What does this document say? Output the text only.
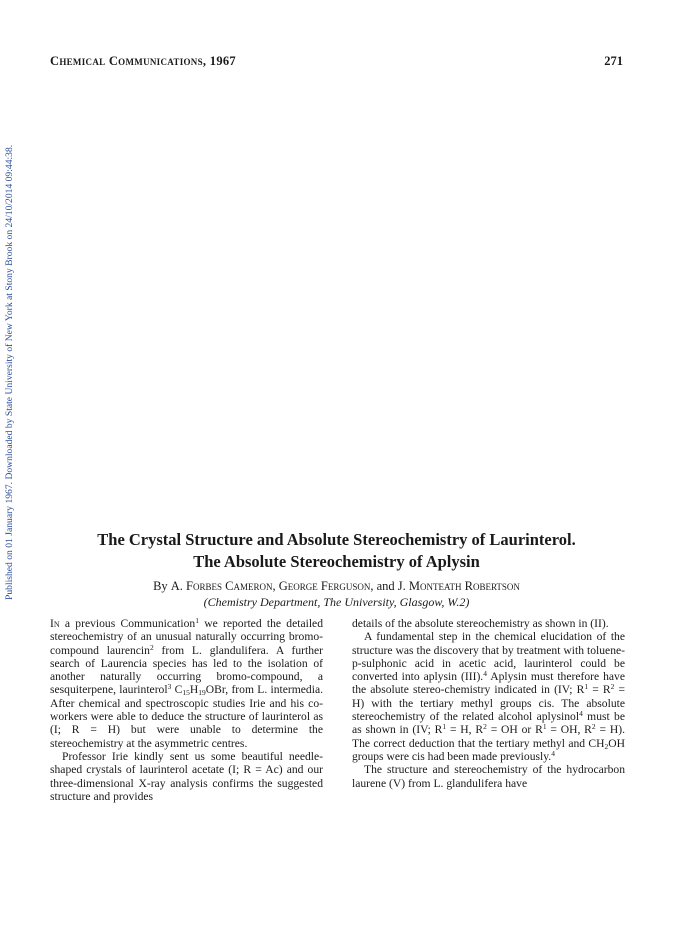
Published on 01 January 1967. Downloaded by State University of New York at Stony Brook on 24/10/2014 09:44:38.
Chemical Communications, 1967	271
The Crystal Structure and Absolute Stereochemistry of Laurinterol.
The Absolute Stereochemistry of Aplysin
By A. Forbes Cameron, George Ferguson, and J. Monteath Robertson
(Chemistry Department, The University, Glasgow, W.2)

In a previous Communication$^1$ we reported the detailed stereochemistry of an unusual naturally occurring bromo-compound laurencin$^2$ from L. glandulifera. A further search of Laurencia species has led to the isolation of another naturally occurring bromo-compound, a sesquiterpene, laurinterol$^3$ $C_{15}H_{19}OBr$, from L. intermedia. After chemical and spectroscopic studies Irie and his co-workers were able to deduce the structure of laurinterol as (I; R = H) but were unable to determine the stereochemistry at the asymmetric centres.

Professor Irie kindly sent us some beautiful needle-shaped crystals of laurinterol acetate (I; R = Ac) and our three-dimensional X-ray analysis confirms the suggested structure and provides

details of the absolute stereochemistry as shown in (II).

A fundamental step in the chemical elucidation of the structure was the discovery that by treatment with toluene-p-sulphonic acid in acetic acid, laurinterol could be converted into aplysin (III).$^4$ Aplysin must therefore have the absolute stereo-chemistry indicated in (IV; $R^1 = R^2 = H$) with the tertiary methyl groups cis. The absolute stereochemistry of the related alcohol aplysinol$^4$ must be as shown in (IV; $R^1 = H$, $R^2$ = OH or $R^1$ = OH, $R^2 = H$). The correct deduction that the tertiary methyl and $CH_2OH$ groups were cis had been made previously.$^4$

The structure and stereochemistry of the hydrocarbon laurene (V) from L. glandulifera have
